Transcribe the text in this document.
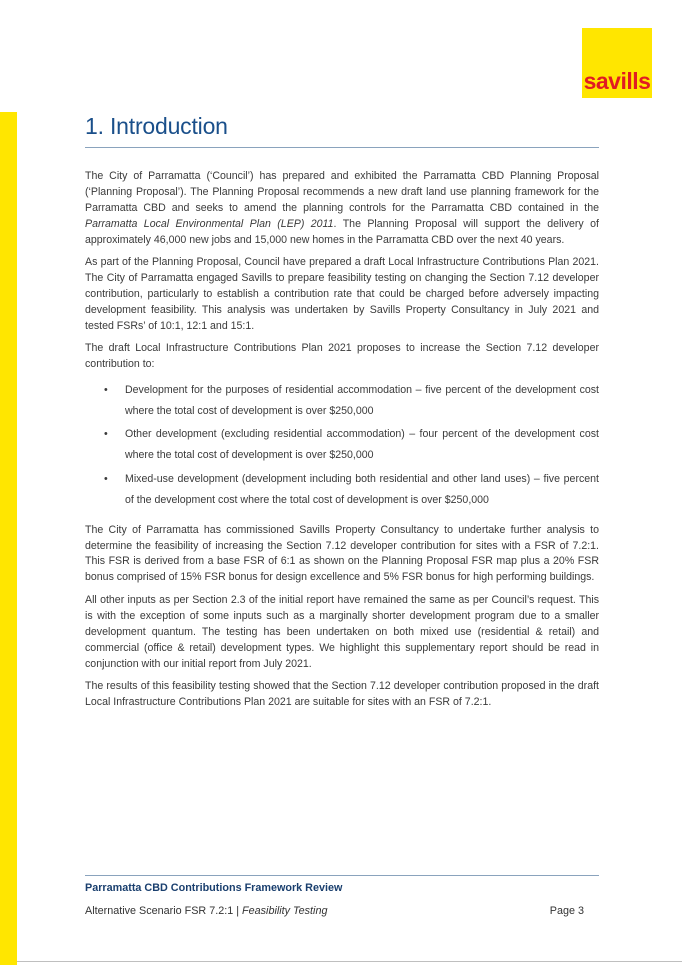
savills
1. Introduction

The City of Parramatta (‘Council’) has prepared and exhibited the Parramatta CBD Planning Proposal (‘Planning Proposal’). The Planning Proposal recommends a new draft land use planning framework for the Parramatta CBD and seeks to amend the planning controls for the Parramatta CBD contained in the Parramatta Local Environmental Plan (LEP) 2011. The Planning Proposal will support the delivery of approximately 46,000 new jobs and 15,000 new homes in the Parramatta CBD over the next 40 years.

As part of the Planning Proposal, Council have prepared a draft Local Infrastructure Contributions Plan 2021. The City of Parramatta engaged Savills to prepare feasibility testing on changing the Section 7.12 developer contribution, particularly to establish a contribution rate that could be charged before adversely impacting development feasibility. This analysis was undertaken by Savills Property Consultancy in July 2021 and tested FSRs’ of 10:1, 12:1 and 15:1.

The draft Local Infrastructure Contributions Plan 2021 proposes to increase the Section 7.12 developer contribution to:

• Development for the purposes of residential accommodation – five percent of the development cost where the total cost of development is over $250,000
• Other development (excluding residential accommodation) – four percent of the development cost where the total cost of development is over $250,000
• Mixed-use development (development including both residential and other land uses) – five percent of the development cost where the total cost of development is over $250,000

The City of Parramatta has commissioned Savills Property Consultancy to undertake further analysis to determine the feasibility of increasing the Section 7.12 developer contribution for sites with a FSR of 7.2:1. This FSR is derived from a base FSR of 6:1 as shown on the Planning Proposal FSR map plus a 20% FSR bonus comprised of 15% FSR bonus for design excellence and 5% FSR bonus for high performing buildings.

All other inputs as per Section 2.3 of the initial report have remained the same as per Council’s request. This is with the exception of some inputs such as a marginally shorter development program due to a smaller development quantum. The testing has been undertaken on both mixed use (residential & retail) and commercial (office & retail) development types. We highlight this supplementary report should be read in conjunction with our initial report from July 2021.

The results of this feasibility testing showed that the Section 7.12 developer contribution proposed in the draft Local Infrastructure Contributions Plan 2021 are suitable for sites with an FSR of 7.2:1.

Parramatta CBD Contributions Framework Review
Alternative Scenario FSR 7.2:1 | Feasibility Testing	Page 3
